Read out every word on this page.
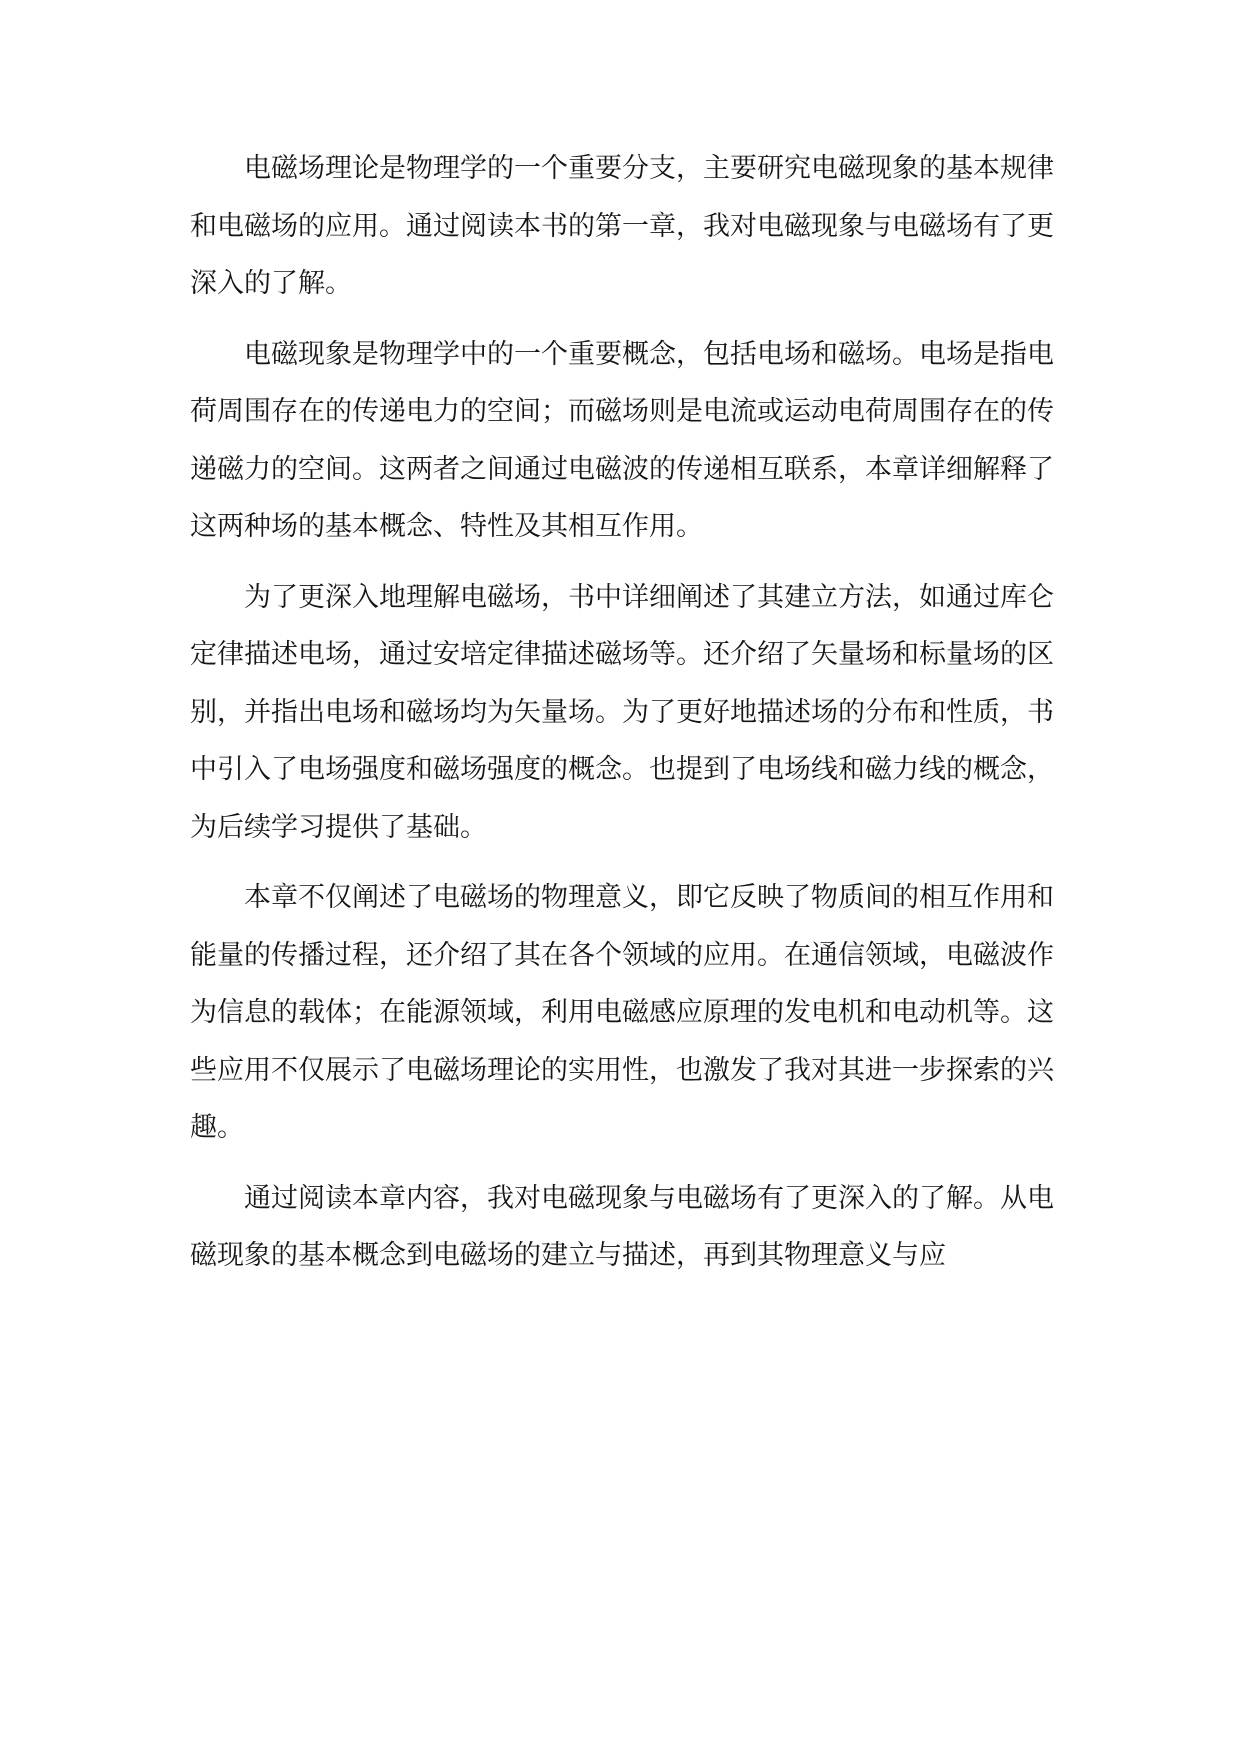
电磁场理论是物理学的一个重要分支，主要研究电磁现象的基本规律和电磁场的应用。通过阅读本书的第一章，我对电磁现象与电磁场有了更深入的了解。

电磁现象是物理学中的一个重要概念，包括电场和磁场。电场是指电荷周围存在的传递电力的空间；而磁场则是电流或运动电荷周围存在的传递磁力的空间。这两者之间通过电磁波的传递相互联系，本章详细解释了这两种场的基本概念、特性及其相互作用。

为了更深入地理解电磁场，书中详细阐述了其建立方法，如通过库仑定律描述电场，通过安培定律描述磁场等。还介绍了矢量场和标量场的区别，并指出电场和磁场均为矢量场。为了更好地描述场的分布和性质，书中引入了电场强度和磁场强度的概念。也提到了电场线和磁力线的概念，为后续学习提供了基础。

本章不仅阐述了电磁场的物理意义，即它反映了物质间的相互作用和能量的传播过程，还介绍了其在各个领域的应用。在通信领域，电磁波作为信息的载体；在能源领域，利用电磁感应原理的发电机和电动机等。这些应用不仅展示了电磁场理论的实用性，也激发了我对其进一步探索的兴趣。

通过阅读本章内容，我对电磁现象与电磁场有了更深入的了解。从电磁现象的基本概念到电磁场的建立与描述，再到其物理意义与应
